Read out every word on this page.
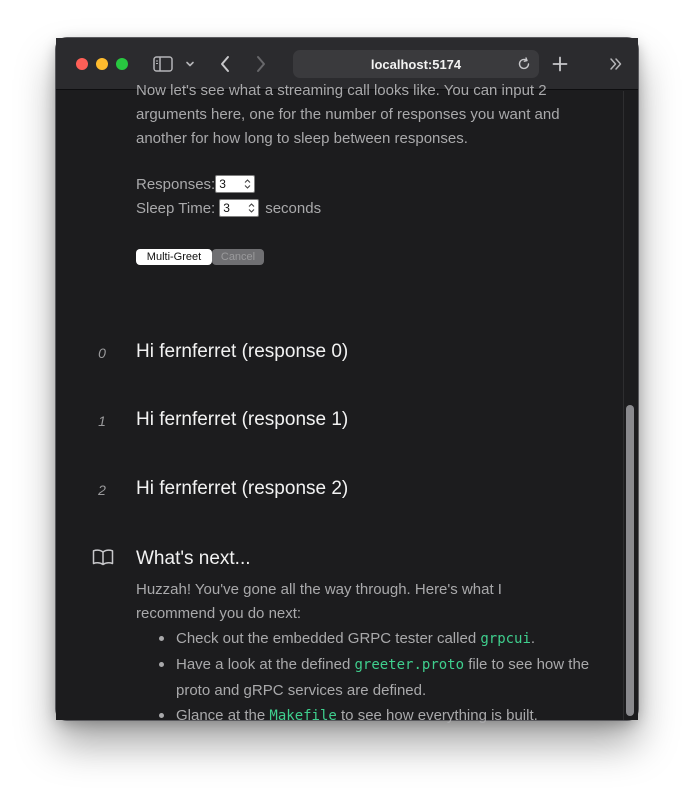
localhost:5174
Now let's see what a streaming call looks like. You can input 2
arguments here, one for the number of responses you want and
another for how long to sleep between responses.
Responses: 3
Sleep Time: 3 seconds
Multi-Greet	Cancel
0	Hi fernferret (response 0)
1	Hi fernferret (response 1)
2	Hi fernferret (response 2)
What's next...
Huzzah! You've gone all the way through. Here's what I
recommend you do next:
Check out the embedded GRPC tester called grpcui.
Have a look at the defined greeter.proto file to see how the proto and gRPC services are defined.
Glance at the Makefile to see how everything is built.
